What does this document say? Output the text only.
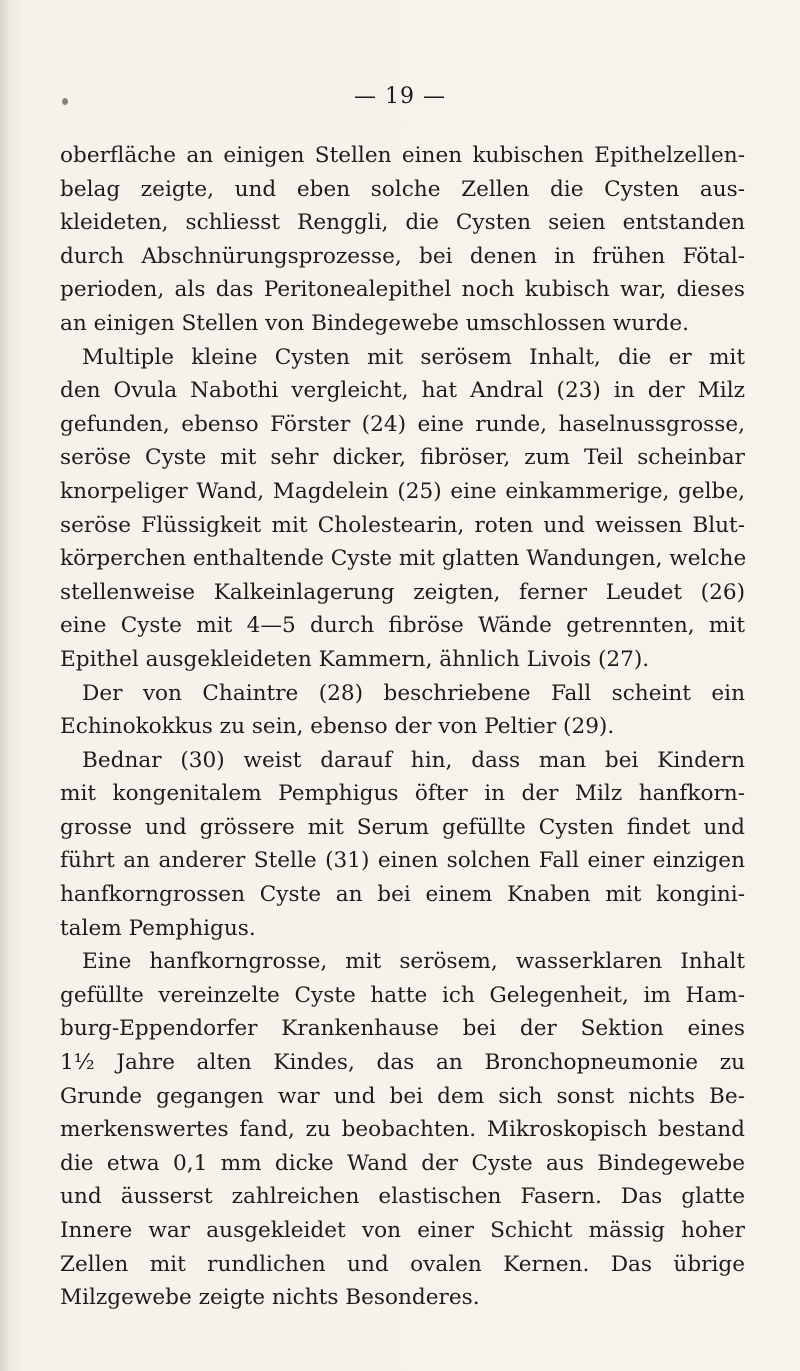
— 19 —
oberfläche an einigen Stellen einen kubischen Epithelzellen-
belag zeigte, und eben solche Zellen die Cysten aus-
kleideten, schliesst Renggli, die Cysten seien entstanden
durch Abschnürungsprozesse, bei denen in frühen Fötal-
perioden, als das Peritonealepithel noch kubisch war, dieses
an einigen Stellen von Bindegewebe umschlossen wurde.
Multiple kleine Cysten mit serösem Inhalt, die er mit
den Ovula Nabothi vergleicht, hat Andral (23) in der Milz
gefunden, ebenso Förster (24) eine runde, haselnussgrosse,
seröse Cyste mit sehr dicker, fibröser, zum Teil scheinbar
knorpeliger Wand, Magdelein (25) eine einkammerige, gelbe,
seröse Flüssigkeit mit Cholestearin, roten und weissen Blut-
körperchen enthaltende Cyste mit glatten Wandungen, welche
stellenweise Kalkeinlagerung zeigten, ferner Leudet (26)
eine Cyste mit 4—5 durch fibröse Wände getrennten, mit
Epithel ausgekleideten Kammern, ähnlich Livois (27).
Der von Chaintre (28) beschriebene Fall scheint ein
Echinokokkus zu sein, ebenso der von Peltier (29).
Bednar (30) weist darauf hin, dass man bei Kindern
mit kongenitalem Pemphigus öfter in der Milz hanfkorn-
grosse und grössere mit Serum gefüllte Cysten findet und
führt an anderer Stelle (31) einen solchen Fall einer einzigen
hanfkorngrossen Cyste an bei einem Knaben mit kongini-
talem Pemphigus.
Eine hanfkorngrosse, mit serösem, wasserklaren Inhalt
gefüllte vereinzelte Cyste hatte ich Gelegenheit, im Ham-
burg-Eppendorfer Krankenhause bei der Sektion eines
1½ Jahre alten Kindes, das an Bronchopneumonie zu
Grunde gegangen war und bei dem sich sonst nichts Be-
merkenswertes fand, zu beobachten. Mikroskopisch bestand
die etwa 0,1 mm dicke Wand der Cyste aus Bindegewebe
und äusserst zahlreichen elastischen Fasern. Das glatte
Innere war ausgekleidet von einer Schicht mässig hoher
Zellen mit rundlichen und ovalen Kernen. Das übrige
Milzgewebe zeigte nichts Besonderes.
